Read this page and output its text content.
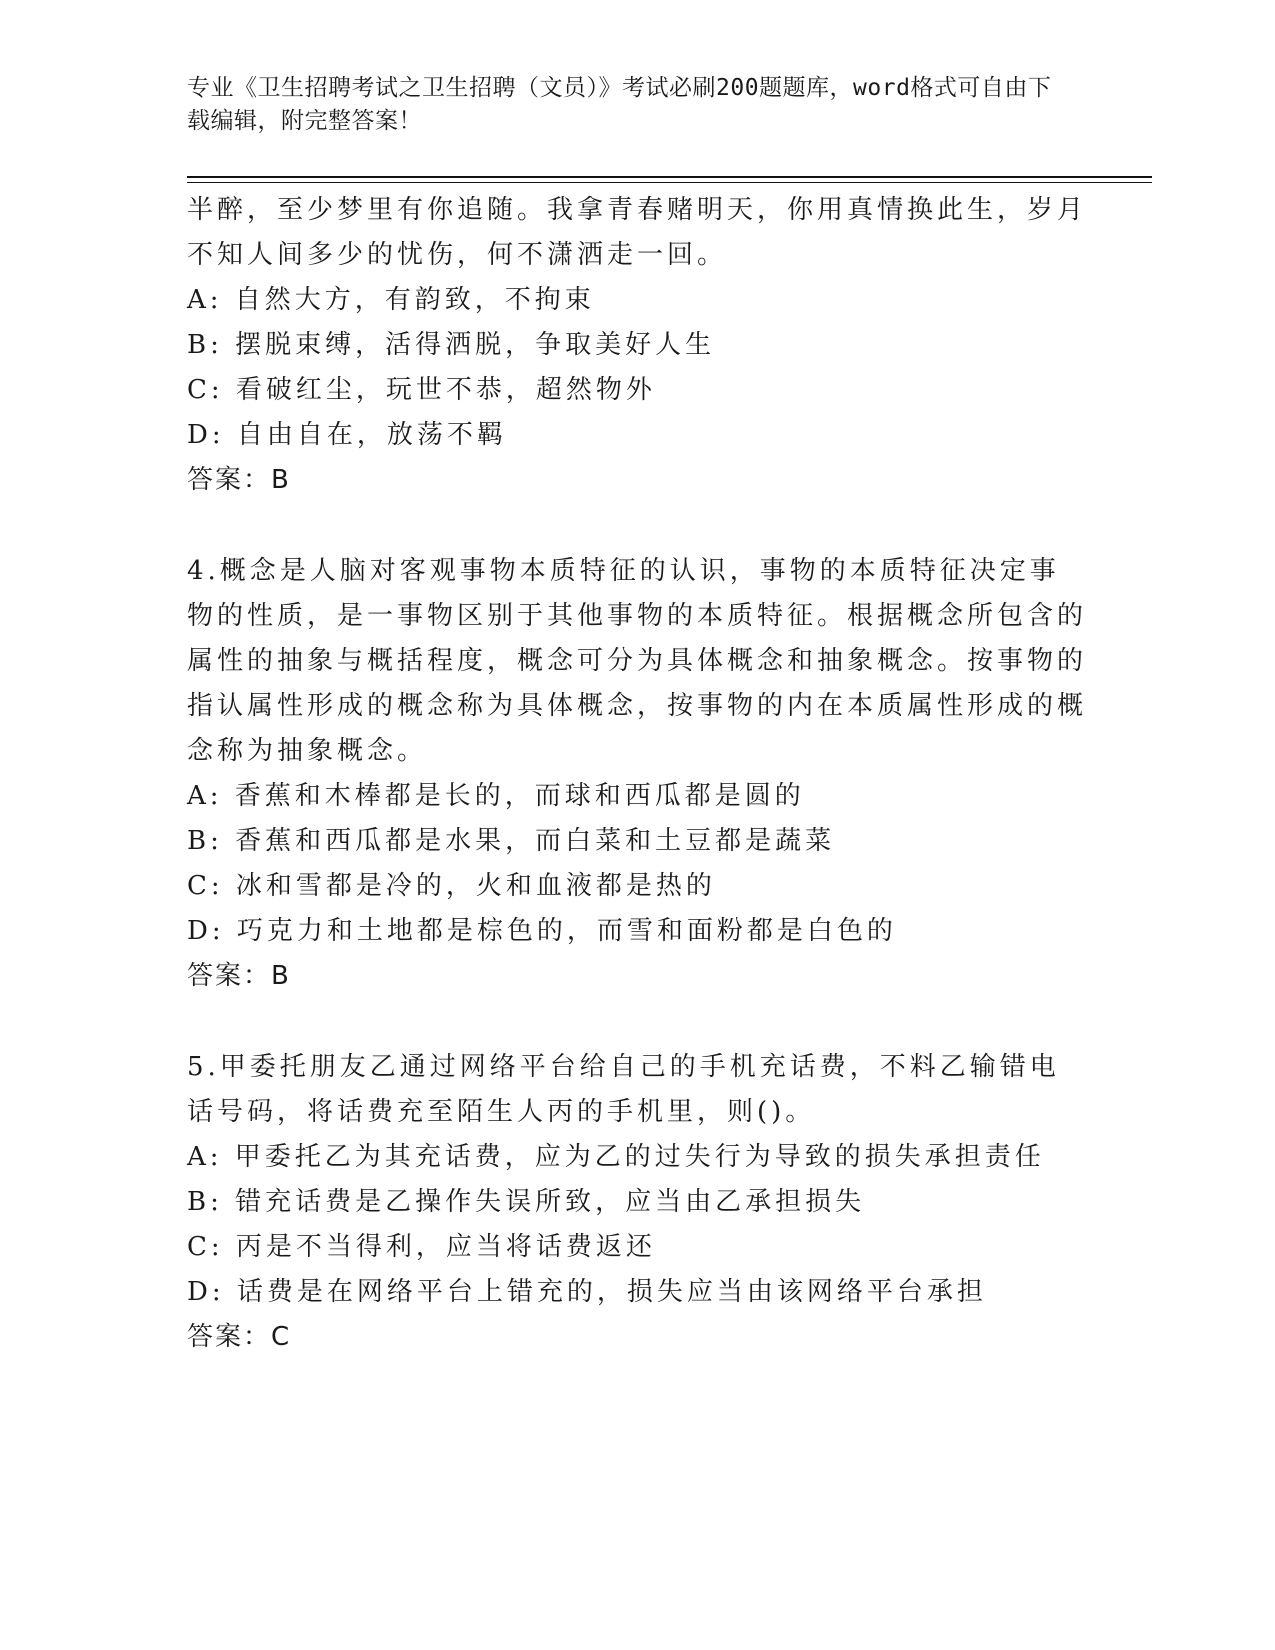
专业《卫生招聘考试之卫生招聘（文员）》考试必刷200题题库，word格式可自由下载编辑，附完整答案！

半醉，至少梦里有你追随。我拿青春赌明天，你用真情换此生，岁月不知人间多少的忧伤，何不潇洒走一回。

A: 自然大方，有韵致，不拘束

B: 摆脱束缚，活得洒脱，争取美好人生

C: 看破红尘，玩世不恭，超然物外

D: 自由自在，放荡不羁

答案：B

4.概念是人脑对客观事物本质特征的认识，事物的本质特征决定事物的性质，是一事物区别于其他事物的本质特征。根据概念所包含的属性的抽象与概括程度，概念可分为具体概念和抽象概念。按事物的指认属性形成的概念称为具体概念，按事物的内在本质属性形成的概念称为抽象概念。

A: 香蕉和木棒都是长的，而球和西瓜都是圆的

B: 香蕉和西瓜都是水果，而白菜和土豆都是蔬菜

C: 冰和雪都是冷的，火和血液都是热的

D: 巧克力和土地都是棕色的，而雪和面粉都是白色的

答案：B

5.甲委托朋友乙通过网络平台给自己的手机充话费，不料乙输错电话号码，将话费充至陌生人丙的手机里，则()。

A: 甲委托乙为其充话费，应为乙的过失行为导致的损失承担责任

B: 错充话费是乙操作失误所致，应当由乙承担损失

C: 丙是不当得利，应当将话费返还

D: 话费是在网络平台上错充的，损失应当由该网络平台承担

答案：C
